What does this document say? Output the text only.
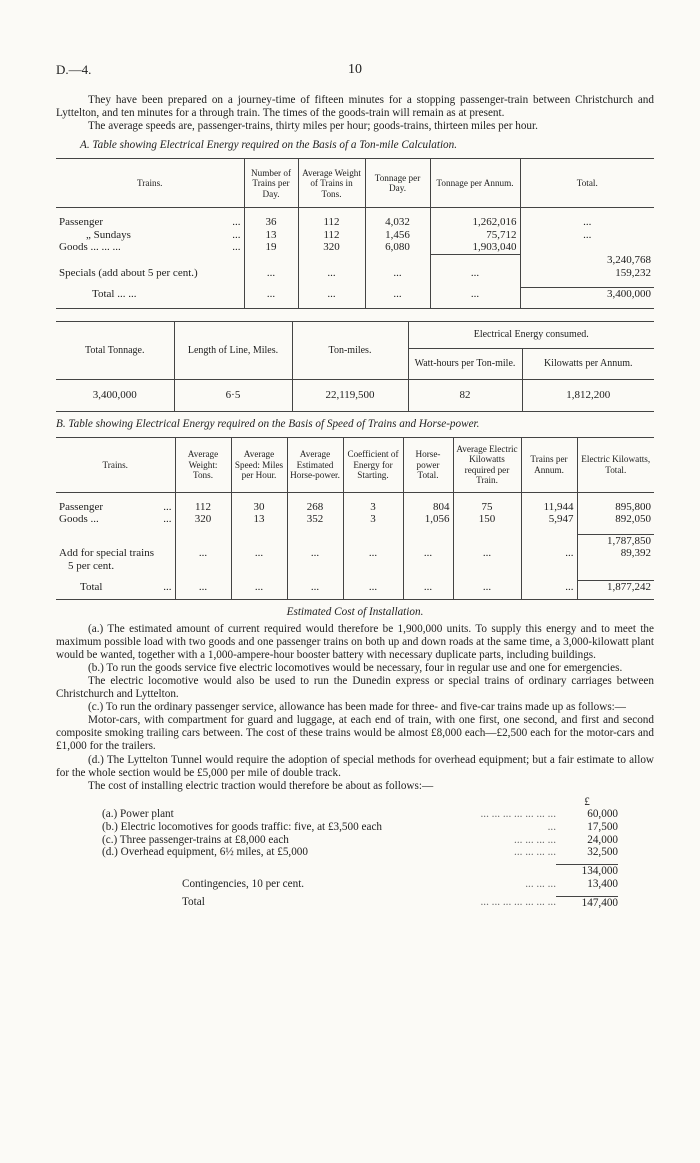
D.—4.	10

They have been prepared on a journey-time of fifteen minutes for a stopping passenger-train between Christchurch and Lyttelton, and ten minutes for a through train. The times of the goods-train will remain as at present.

The average speeds are, passenger-trains, thirty miles per hour; goods-trains, thirteen miles per hour.

A. Table showing Electrical Energy required on the Basis of a Ton-mile Calculation.
Trains.	Number of Trains per Day.	Average Weight of Trains in Tons.	Tonnage per Day.	Tonnage per Annum.	Total.

Passenger ...	36	112	4,032	1,262,016	...
„ Sundays ...	13	112	1,456	75,712	...
Goods ... ... ... ...	19	320	6,080	1,903,040	
					3,240,768
Specials (add about 5 per cent.)	...	...	...	...	159,232

Total ... ...	...	...	...	...	3,400,000
Total Tonnage.	Length of Line, Miles.	Ton-miles.	Electrical Energy consumed.	
			Watt-hours per Ton-mile.	Kilowatts per Annum.
3,400,000	6·5	22,119,500	82	1,812,200
B. Table showing Electrical Energy required on the Basis of Speed of Trains and Horse-power.
Trains.	Average Weight: Tons.	Average Speed: Miles per Hour.	Average Estimated Horse-power.	Coefficient of Energy for Starting.	Horse-power Total.	Average Electric Kilowatts required per Train.	Trains per Annum.	Electric Kilowatts, Total.

Passenger ...	112	30	268	3	804	75	11,944	895,800
Goods ... ...	320	13	352	3	1,056	150	5,947	892,050

								1,787,850
Add for special trains	...	...	...	...	...	...	...	89,392
5 per cent.								

Total ...	...	...	...	...	...	...	...	1,877,242
Estimated Cost of Installation.

(a.) The estimated amount of current required would therefore be 1,900,000 units. To supply this energy and to meet the maximum possible load with two goods and one passenger trains on both up and down roads at the same time, a 3,000-kilowatt plant would be wanted, together with a 1,000-ampere-hour booster battery with necessary duplicate parts, including buildings.

(b.) To run the goods service five electric locomotives would be necessary, four in regular use and one for emergencies.

The electric locomotive would also be used to run the Dunedin express or special trains of ordinary carriages between Christchurch and Lyttelton.

(c.) To run the ordinary passenger service, allowance has been made for three- and five-car trains made up as follows:—

Motor-cars, with compartment for guard and luggage, at each end of train, with one first, one second, and first and second composite smoking trailing cars between. The cost of these trains would be almost £8,000 each—£2,500 each for the motor-cars and £1,000 for the trailers.

(d.) The Lyttelton Tunnel would require the adoption of special methods for overhead equipment; but a fair estimate to allow for the whole section would be £5,000 per mile of double track.

The cost of installing electric traction would therefore be about as follows:—

		£
(a.) Power plant	... ... ... ... ... ... ...	60,000
(b.) Electric locomotives for goods traffic: five, at £3,500 each	...	17,500
(c.) Three passenger-trains at £8,000 each	... ... ... ...	24,000
(d.) Overhead equipment, 6½ miles, at £5,000	... ... ... ...	32,500

		134,000
Contingencies, 10 per cent.	... ... ...	13,400

Total	... ... ... ... ... ... ...	147,400
